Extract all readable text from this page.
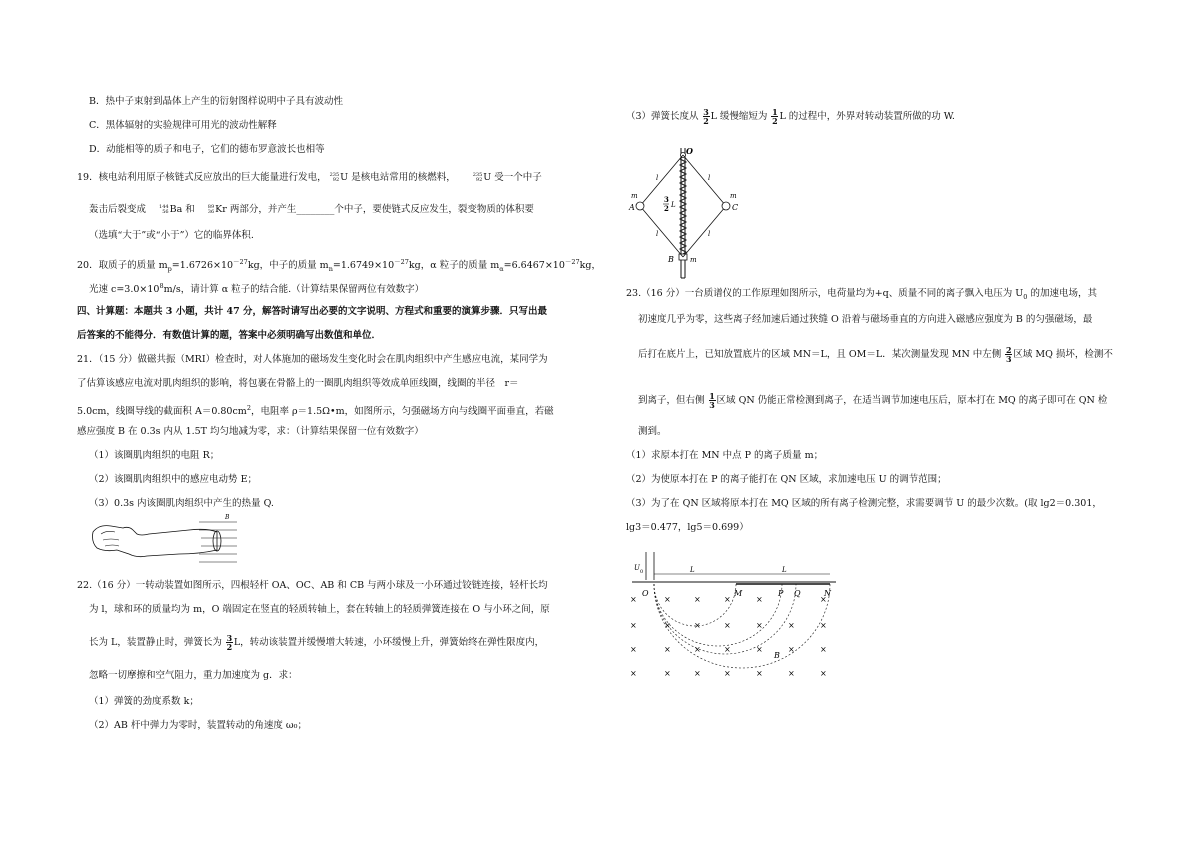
B．热中子束射到晶体上产生的衍射图样说明中子具有波动性
C．黑体辐射的实验规律可用光的波动性解释
D．动能相等的质子和电子，它们的德布罗意波长也相等
19．核电站利用原子核链式反应放出的巨大能量进行发电， 235
92 U 是核电站常用的核燃料，	235
92 U 受一个中子
轰击后裂变成	144
56 Ba 和	89
36 Kr 两部分，并产生________个中子，要使链式反应发生，裂变物质的体积要
（选填“大于”或“小于”）它的临界体积.
20．取质子的质量 $m_p=1.6726\times 10^{-27}kg$，中子的质量 $m_n=1.6749\times 10^{-27}kg$，α 粒子的质量 $m_\alpha=6.6467\times 10^{-27}kg$，
光速 $c=3.0\times 10^8m/s$，请计算 α 粒子的结合能.（计算结果保留两位有效数字）
四、计算题：本题共 3 小题，共计 47 分，解答时请写出必要的文字说明、方程式和重要的演算步骤．只写出最
后答案的不能得分．有数值计算的题，答案中必须明确写出数值和单位．
21．（15 分）做磁共振（MRI）检查时，对人体施加的磁场发生变化时会在肌肉组织中产生感应电流，某同学为
了估算该感应电流对肌肉组织的影响，将包裹在骨骼上的一圈肌肉组织等效成单匝线圈，线圈的半径　r＝
5.0cm，线圈导线的截面积 $A=0.80cm^2$，电阻率 ρ＝1.5Ω•m，如图所示，匀强磁场方向与线圈平面垂直，若磁
感应强度 B 在 0.3s 内从 1.5T 均匀地减为零，求：（计算结果保留一位有效数字）
（1）该圈肌肉组织的电阻 R；
（2）该圈肌肉组织中的感应电动势 E；
（3）0.3s 内该圈肌肉组织中产生的热量 Q.
B
22.（16 分）一转动装置如图所示，四根轻杆 OA、OC、AB 和 CB 与两小球及一小环通过铰链连接，轻杆长均
为 l，球和环的质量均为 m，O 端固定在竖直的轻质转轴上，套在转轴上的轻质弹簧连接在 O 与小环之间，原
长为 L，装置静止时，弹簧长为 $\frac{3}{2}$ L，转动该装置并缓慢增大转速，小环缓慢上升，弹簧始终在弹性限度内，
忽略一切摩擦和空气阻力，重力加速度为 g．求：
（1）弹簧的劲度系数 k；
（2）AB 杆中弹力为零时，装置转动的角速度 ω₀；
（3）弹簧长度从 $\frac{3}{2}$ L 缓慢缩短为 $\frac{1}{2}$ L 的过程中，外界对转动装置所做的功 W.
O
A	C
B
m	m
m
l	l
l	l
3
2 L
23.（16 分）一台质谱仪的工作原理如图所示，电荷量均为+q、质量不同的离子飘入电压为 $U_0$ 的加速电场，其
初速度几乎为零，这些离子经加速后通过狭缝 O 沿着与磁场垂直的方向进入磁感应强度为 B 的匀强磁场，最
后打在底片上，已知放置底片的区域 MN＝L，且 OM＝L．某次测量发现 MN 中左侧 $\frac{2}{3}$ 区域 MQ 损坏，检测不
到离子，但右侧 $\frac{1}{3}$ 区域 QN 仍能正常检测到离子，在适当调节加速电压后，原本打在 MQ 的离子即可在 QN 检
测到。
（1）求原本打在 MN 中点 P 的离子质量 m；
（2）为使原本打在 P 的离子能打在 QN 区域，求加速电压 U 的调节范围；
（3）为了在 QN 区域将原本打在 MQ 区域的所有离子检测完整，求需要调节 U 的最少次数。(取 lg2＝0.301，
lg3＝0.477，lg5＝0.699）
U 0	L	L
O	M	P Q	N
B
×
×
×
×
×
×
×
×
×
×
×
×
×
×
×
×
×
×
×
×
×
×
×
×
×
×
×
